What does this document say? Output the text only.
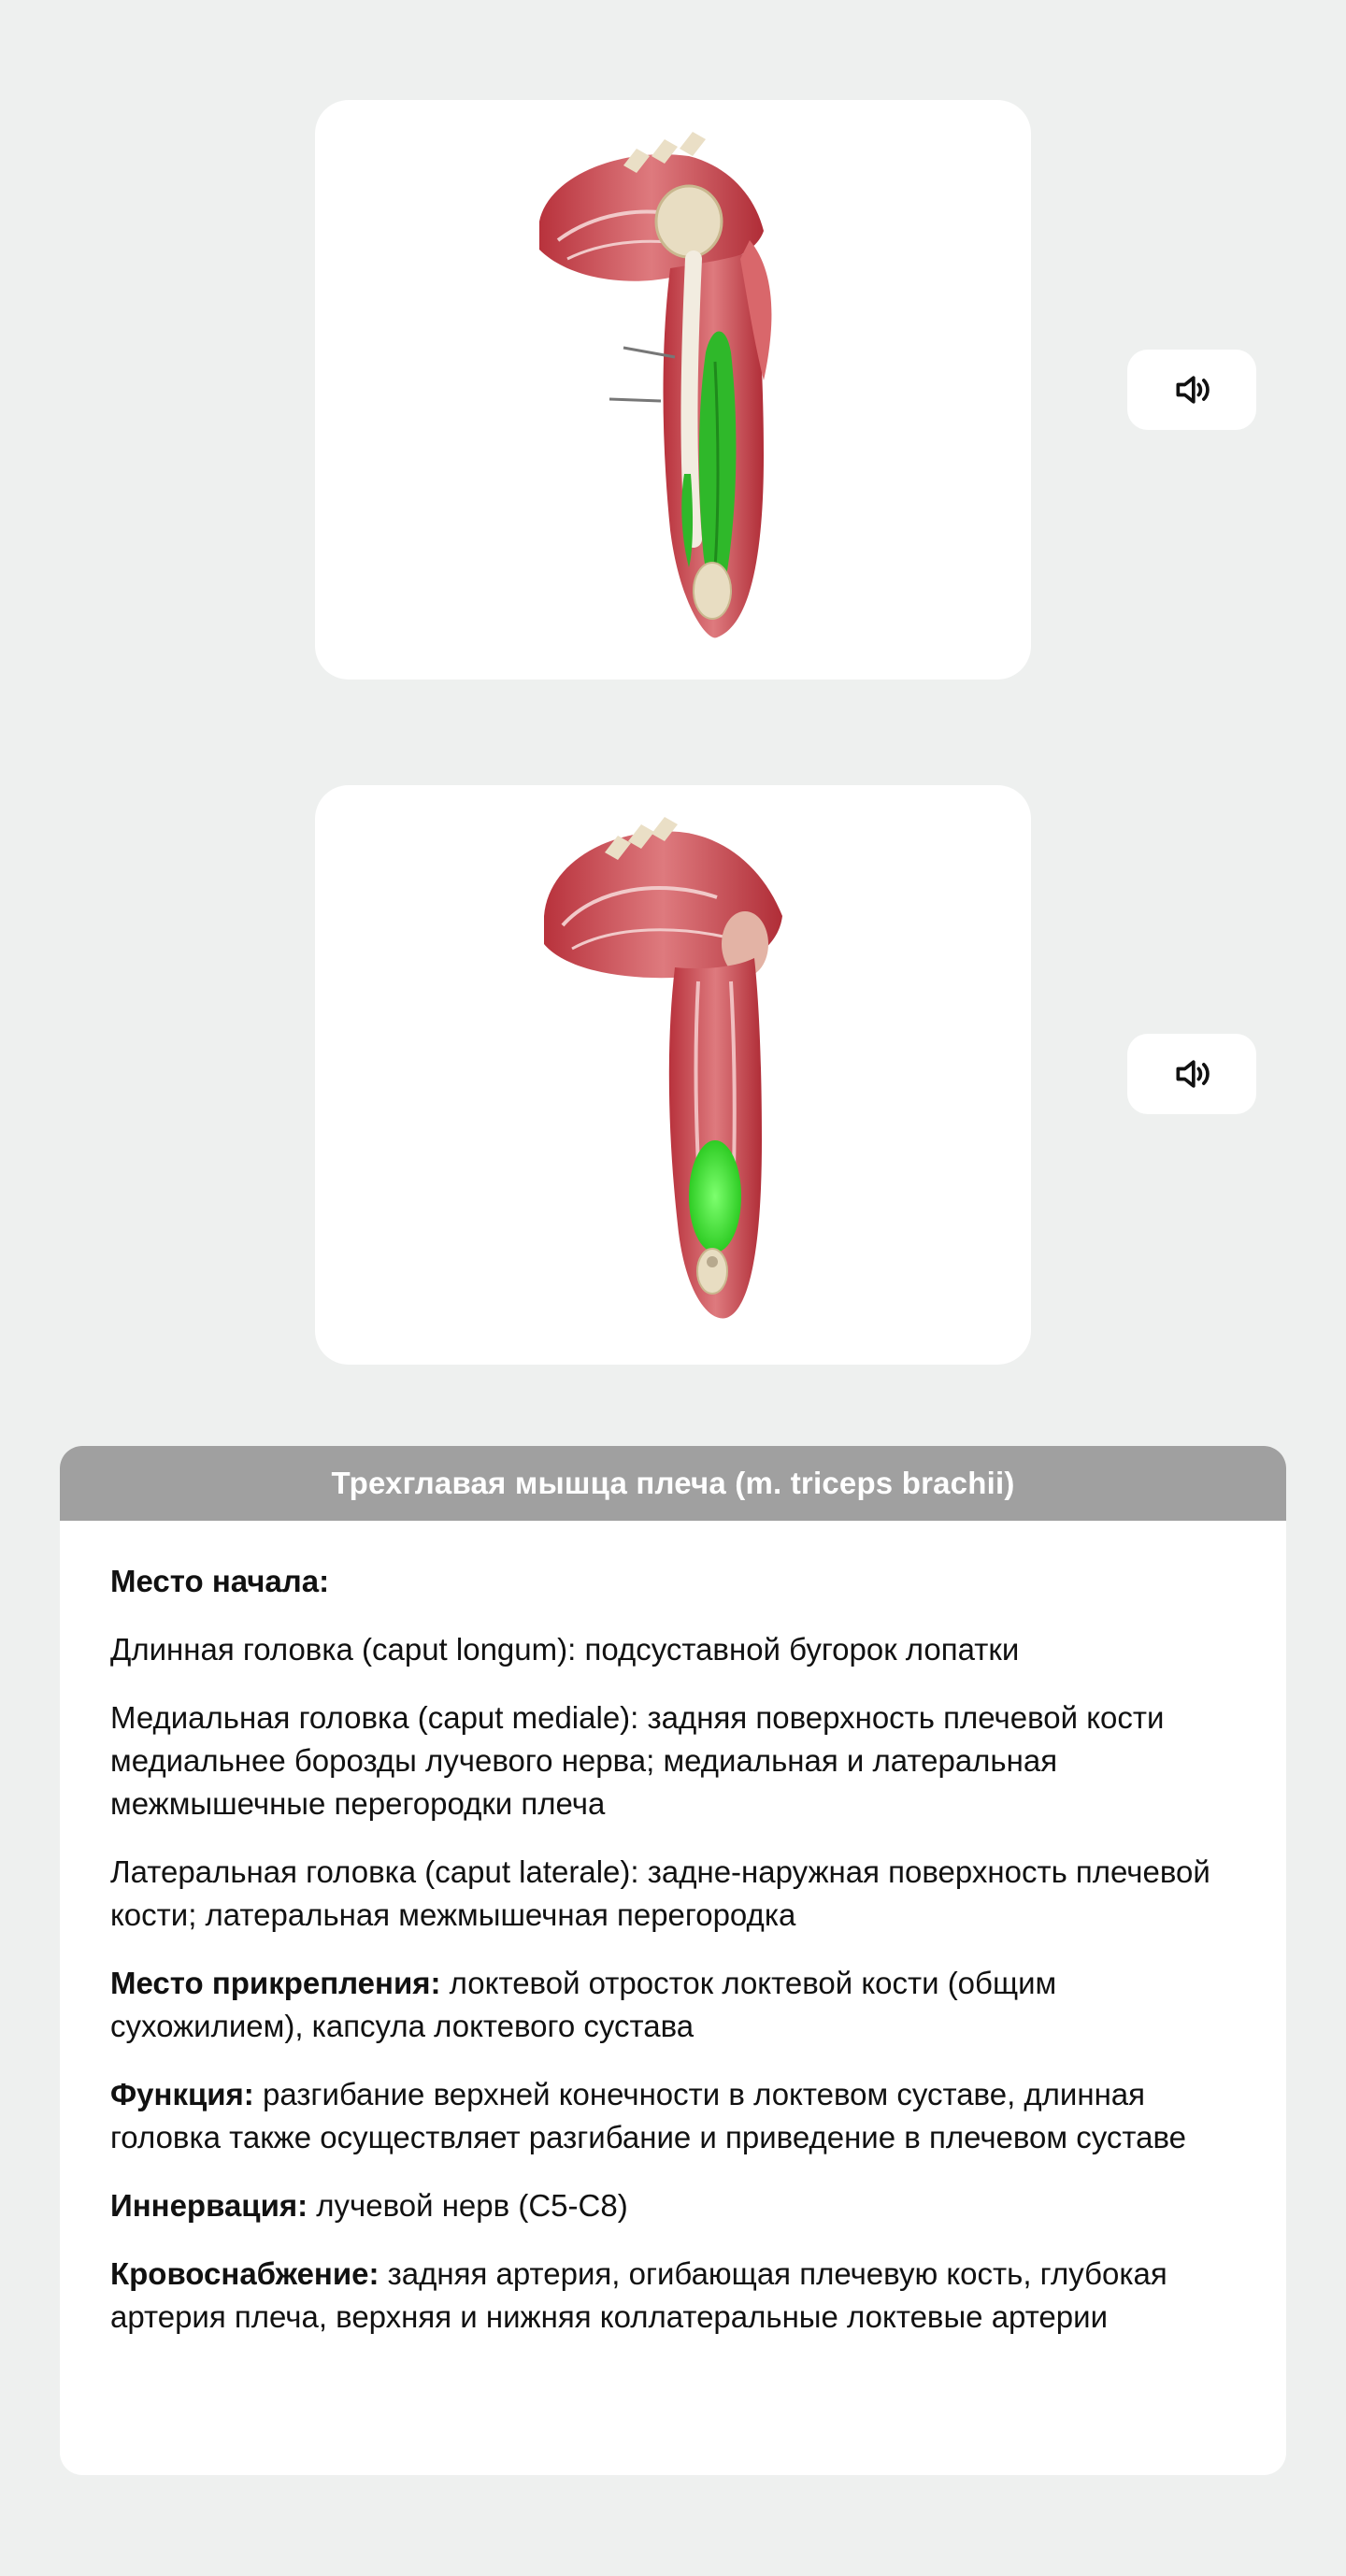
Трехглавая мышца плеча (m. triceps brachii)

Место начала:

Длинная головка (caput longum): подсуставной бугорок лопатки

Медиальная головка (caput mediale): задняя поверхность плечевой кости медиальнее борозды лучевого нерва; медиальная и латеральная межмышечные перегородки плеча

Латеральная головка (caput laterale): задне-наружная поверхность плечевой кости; латеральная межмышечная перегородка

Место прикрепления: локтевой отросток локтевой кости (общим сухожилием), капсула локтевого сустава

Функция: разгибание верхней конечности в локтевом суставе, длинная головка также осуществляет разгибание и приведение в плечевом суставе

Иннервация: лучевой нерв (C5-C8)

Кровоснабжение: задняя артерия, огибающая плечевую кость, глубокая артерия плеча, верхняя и нижняя коллатеральные локтевые артерии
